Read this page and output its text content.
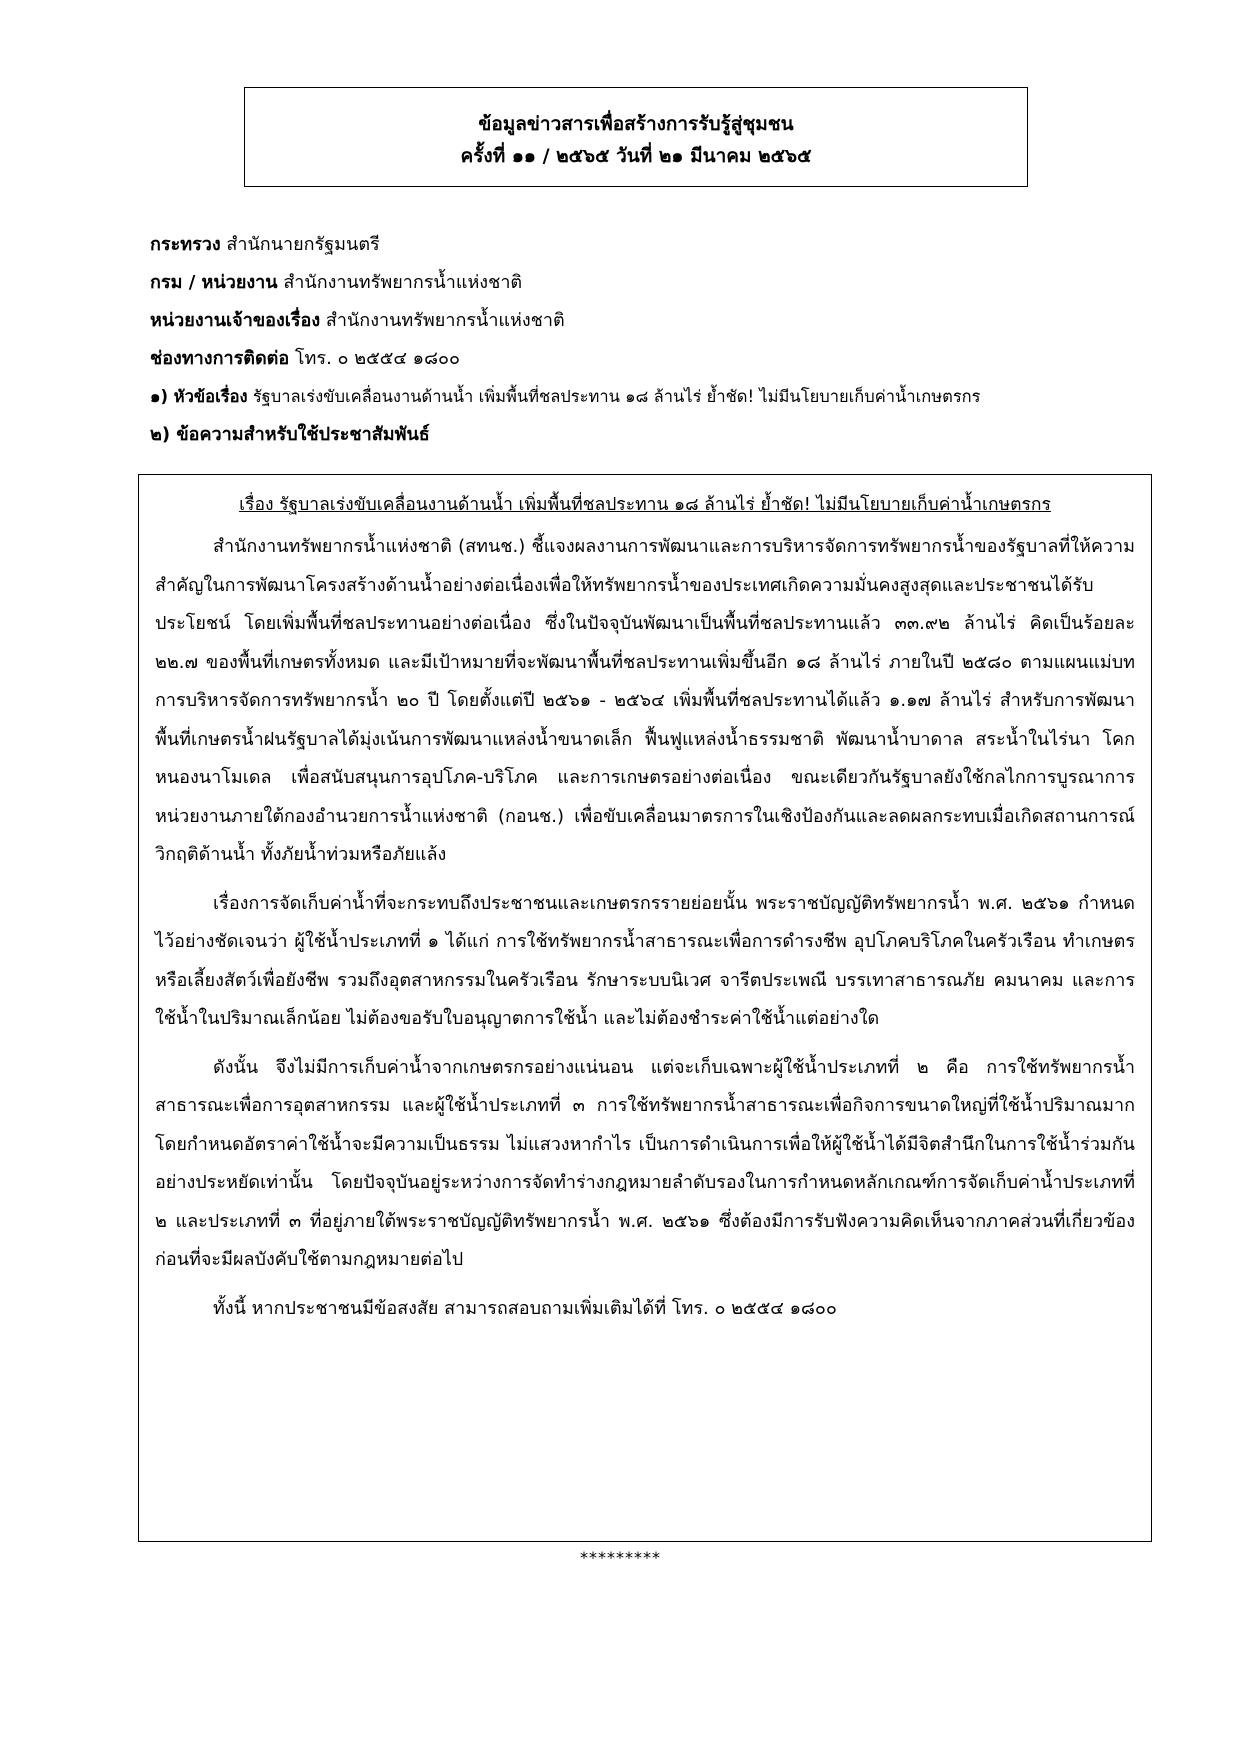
ข้อมูลข่าวสารเพื่อสร้างการรับรู้สู่ชุมชน
ครั้งที่ ๑๑ / ๒๕๖๕ วันที่ ๒๑ มีนาคม ๒๕๖๕
กระทรวง สำนักนายกรัฐมนตรี
กรม / หน่วยงาน สำนักงานทรัพยากรน้ำแห่งชาติ
หน่วยงานเจ้าของเรื่อง สำนักงานทรัพยากรน้ำแห่งชาติ
ช่องทางการติดต่อ โทร. ๐ ๒๕๕๔ ๑๘๐๐
๑) หัวข้อเรื่อง รัฐบาลเร่งขับเคลื่อนงานด้านน้ำ เพิ่มพื้นที่ชลประทาน ๑๘ ล้านไร่ ย้ำชัด! ไม่มีนโยบายเก็บค่าน้ำเกษตรกร
๒) ข้อความสำหรับใช้ประชาสัมพันธ์
เรื่อง รัฐบาลเร่งขับเคลื่อนงานด้านน้ำ เพิ่มพื้นที่ชลประทาน ๑๘ ล้านไร่ ย้ำชัด! ไม่มีนโยบายเก็บค่าน้ำเกษตรกร

สำนักงานทรัพยากรน้ำแห่งชาติ (สทนช.) ชี้แจงผลงานการพัฒนาและการบริหารจัดการทรัพยากรน้ำของรัฐบาลที่ให้ความสำคัญในการพัฒนาโครงสร้างด้านน้ำอย่างต่อเนื่องเพื่อให้ทรัพยากรน้ำของประเทศเกิดความมั่นคงสูงสุดและประชาชนได้รับประโยชน์ โดยเพิ่มพื้นที่ชลประทานอย่างต่อเนื่อง ซึ่งในปัจจุบันพัฒนาเป็นพื้นที่ชลประทานแล้ว ๓๓.๙๒ ล้านไร่ คิดเป็นร้อยละ ๒๒.๗ ของพื้นที่เกษตรทั้งหมด และมีเป้าหมายที่จะพัฒนาพื้นที่ชลประทานเพิ่มขึ้นอีก ๑๘ ล้านไร่ ภายในปี ๒๕๘๐ ตามแผนแม่บทการบริหารจัดการทรัพยากรน้ำ ๒๐ ปี โดยตั้งแต่ปี ๒๕๖๑ - ๒๕๖๔ เพิ่มพื้นที่ชลประทานได้แล้ว ๑.๑๗ ล้านไร่ สำหรับการพัฒนาพื้นที่เกษตรน้ำฝนรัฐบาลได้มุ่งเน้นการพัฒนาแหล่งน้ำขนาดเล็ก ฟื้นฟูแหล่งน้ำธรรมชาติ พัฒนาน้ำบาดาล สระน้ำในไร่นา โคกหนองนาโมเดล เพื่อสนับสนุนการอุปโภค-บริโภค และการเกษตรอย่างต่อเนื่อง ขณะเดียวกันรัฐบาลยังใช้กลไกการบูรณาการหน่วยงานภายใต้กองอำนวยการน้ำแห่งชาติ (กอนช.) เพื่อขับเคลื่อนมาตรการในเชิงป้องกันและลดผลกระทบเมื่อเกิดสถานการณ์วิกฤติด้านน้ำ ทั้งภัยน้ำท่วมหรือภัยแล้ง

เรื่องการจัดเก็บค่าน้ำที่จะกระทบถึงประชาชนและเกษตรกรรายย่อยนั้น พระราชบัญญัติทรัพยากรน้ำ พ.ศ. ๒๕๖๑ กำหนดไว้อย่างชัดเจนว่า ผู้ใช้น้ำประเภทที่ ๑ ได้แก่ การใช้ทรัพยากรน้ำสาธารณะเพื่อการดำรงชีพ อุปโภคบริโภคในครัวเรือน ทำเกษตรหรือเลี้ยงสัตว์เพื่อยังชีพ รวมถึงอุตสาหกรรมในครัวเรือน รักษาระบบนิเวศ จารีตประเพณี บรรเทาสาธารณภัย คมนาคม และการใช้น้ำในปริมาณเล็กน้อย ไม่ต้องขอรับใบอนุญาตการใช้น้ำ และไม่ต้องชำระค่าใช้น้ำแต่อย่างใด

ดังนั้น จึงไม่มีการเก็บค่าน้ำจากเกษตรกรอย่างแน่นอน แต่จะเก็บเฉพาะผู้ใช้น้ำประเภทที่ ๒ คือ การใช้ทรัพยากรน้ำสาธารณะเพื่อการอุตสาหกรรม และผู้ใช้น้ำประเภทที่ ๓ การใช้ทรัพยากรน้ำสาธารณะเพื่อกิจการขนาดใหญ่ที่ใช้น้ำปริมาณมาก โดยกำหนดอัตราค่าใช้น้ำจะมีความเป็นธรรม ไม่แสวงหากำไร เป็นการดำเนินการเพื่อให้ผู้ใช้น้ำได้มีจิตสำนึกในการใช้น้ำร่วมกันอย่างประหยัดเท่านั้น โดยปัจจุบันอยู่ระหว่างการจัดทำร่างกฎหมายลำดับรองในการกำหนดหลักเกณฑ์การจัดเก็บค่าน้ำประเภทที่ ๒ และประเภทที่ ๓ ที่อยู่ภายใต้พระราชบัญญัติทรัพยากรน้ำ พ.ศ. ๒๕๖๑ ซึ่งต้องมีการรับฟังความคิดเห็นจากภาคส่วนที่เกี่ยวข้องก่อนที่จะมีผลบังคับใช้ตามกฎหมายต่อไป

ทั้งนี้ หากประชาชนมีข้อสงสัย สามารถสอบถามเพิ่มเติมได้ที่ โทร. ๐ ๒๕๕๔ ๑๘๐๐

*********
